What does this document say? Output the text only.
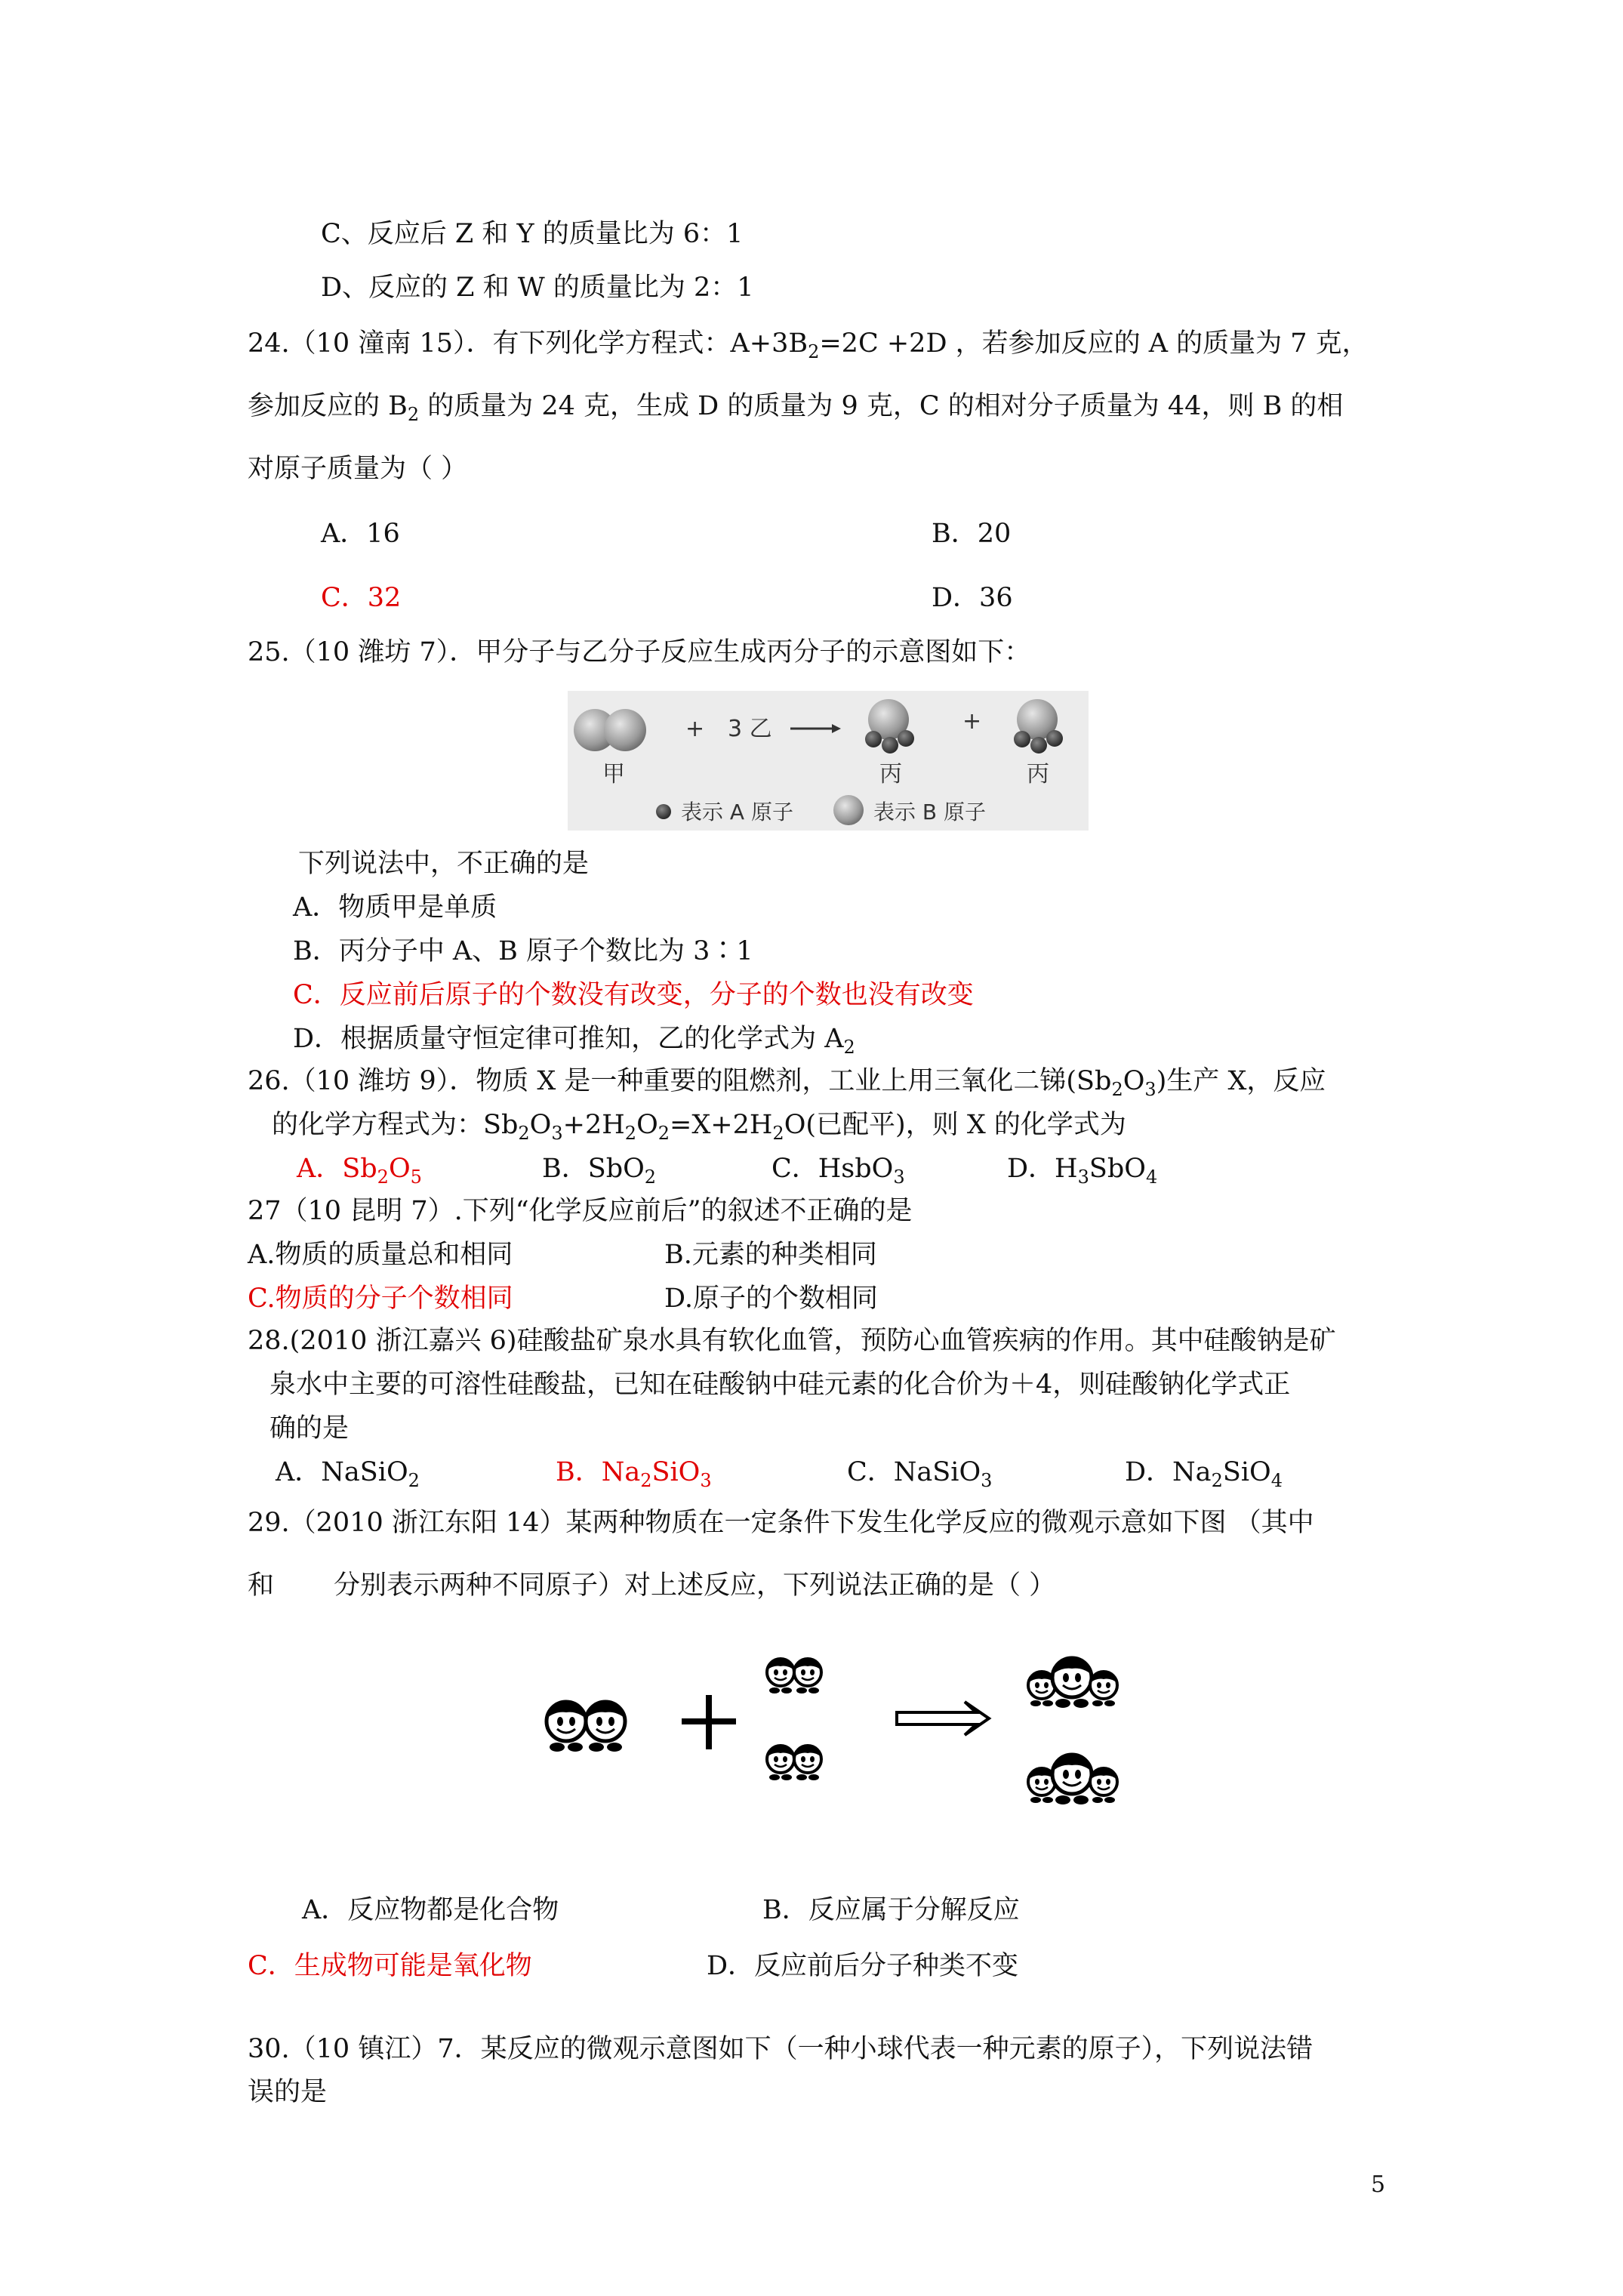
C、反应后 Z 和 Y 的质量比为 6：1
D、反应的 Z 和 W 的质量比为 2：1
24.（10 潼南 15）．有下列化学方程式：$A+3B_2=2C +2D$ ，若参加反应的 A 的质量为 7 克，
参加反应的 $B_2$ 的质量为 24 克，生成 D 的质量为 9 克，C 的相对分子质量为 44，则 B 的相
对原子质量为（ ）
A．16	B．20
C．32	D．36
25.（10 潍坊 7）．甲分子与乙分子反应生成丙分子的示意图如下：
甲
+ 3 乙
丙
+
丙
表示 A 原子	表示 B 原子
下列说法中，不正确的是
A．物质甲是单质
B．丙分子中 A、B 原子个数比为 3∶1
C．反应前后原子的个数没有改变，分子的个数也没有改变
D．根据质量守恒定律可推知，乙的化学式为 $A_2$
26.（10 潍坊 9）．物质 X 是一种重要的阻燃剂，工业上用三氧化二锑$(Sb_2O_3)$生产 X，反应
的化学方程式为：$Sb_2O_3+2H_2O_2=X+2H_2O$(已配平)，则 X 的化学式为
A．$Sb_2O_5$	B．SbO$_2$	C．HsbO$_3$	D．$H_3SbO_4$
27（10 昆明 7）.下列“化学反应前后”的叙述不正确的是
A.物质的质量总和相同	B.元素的种类相同
C.物质的分子个数相同	D.原子的个数相同
28.(2010 浙江嘉兴 6)硅酸盐矿泉水具有软化血管，预防心血管疾病的作用。其中硅酸钠是矿
泉水中主要的可溶性硅酸盐，已知在硅酸钠中硅元素的化合价为＋4，则硅酸钠化学式正
确的是
A．NaSiO$_2$	B．$Na_2SiO_3$	C．NaSiO$_3$	D．$Na_2SiO_4$
29.（2010 浙江东阳 14）某两种物质在一定条件下发生化学反应的微观示意如下图 （其中
和 分别表示两种不同原子）对上述反应，下列说法正确的是（ ）
A．反应物都是化合物	B．反应属于分解反应
C．生成物可能是氧化物	D．反应前后分子种类不变
30.（10 镇江）7．某反应的微观示意图如下（一种小球代表一种元素的原子），下列说法错
误的是
5
